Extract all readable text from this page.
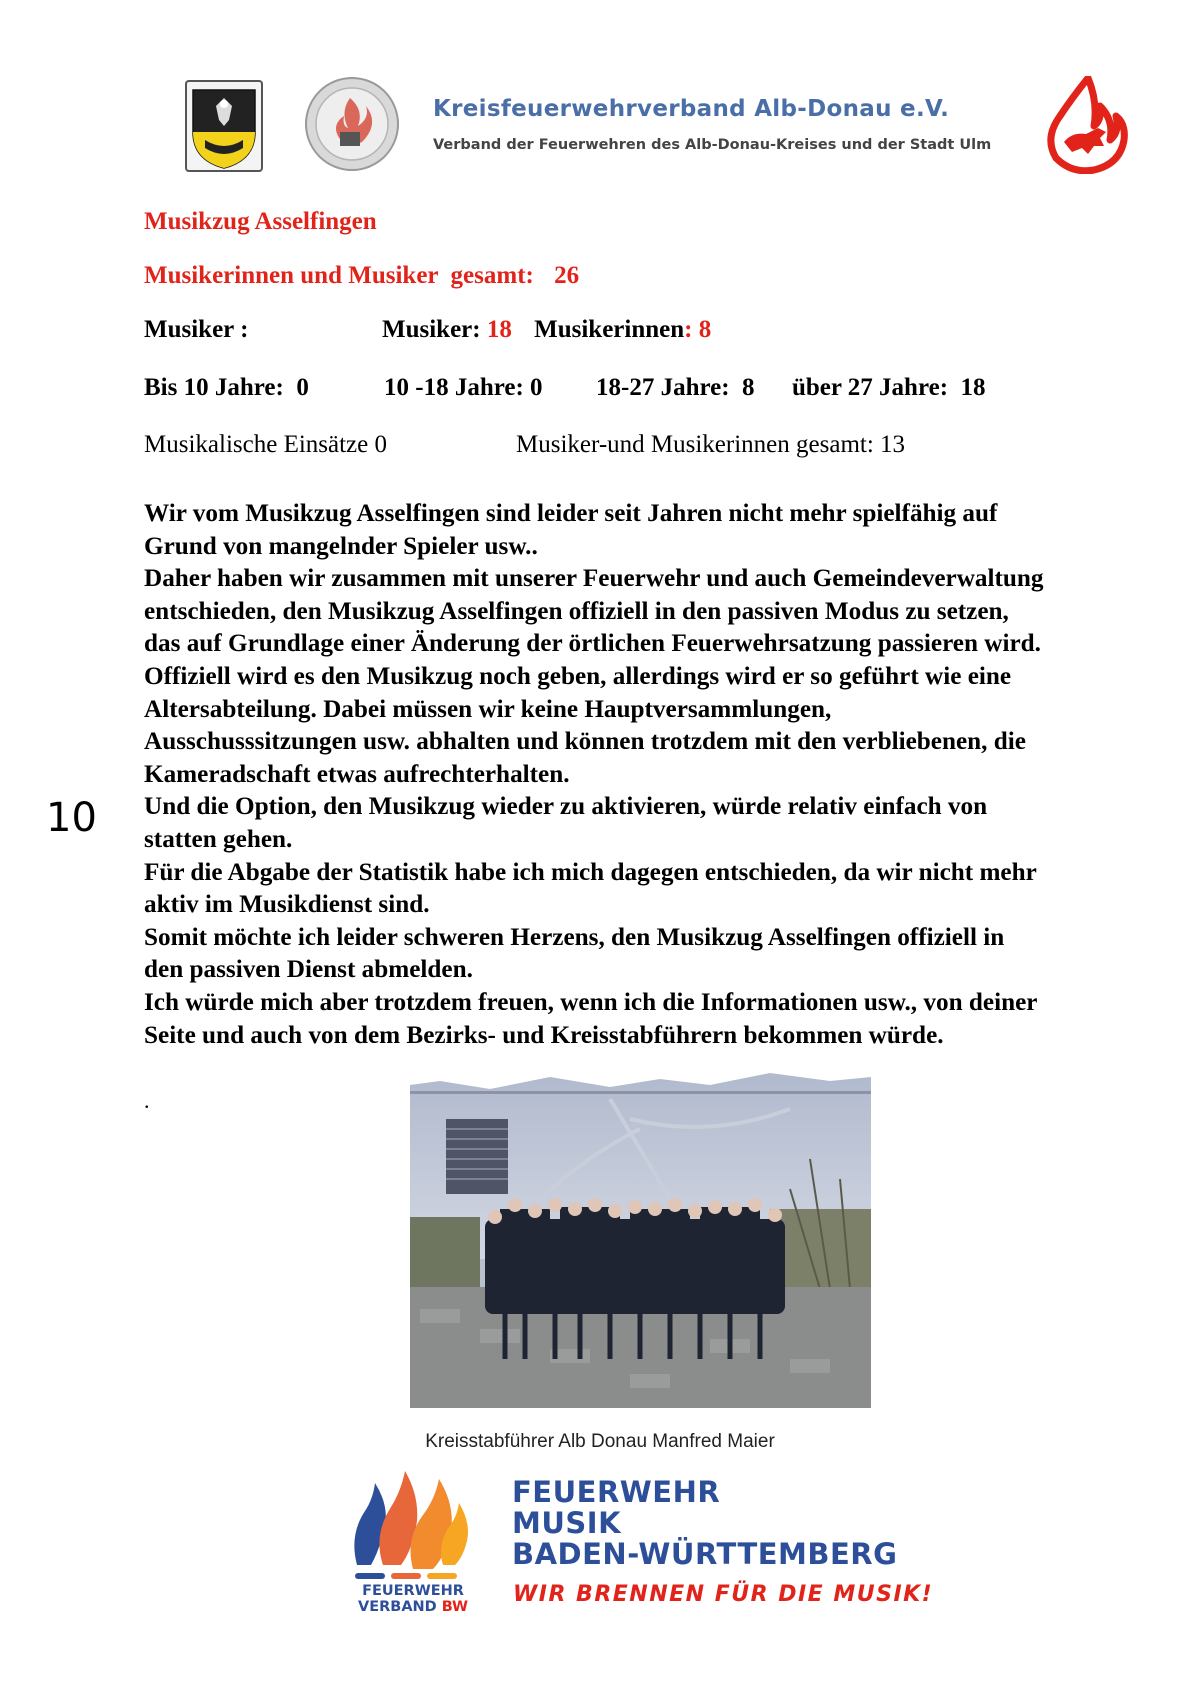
Kreisfeuerwehrverband Alb-Donau e.V.
Verband der Feuerwehren des Alb-Donau-Kreises und der Stadt Ulm
Musikzug Asselfingen
Musikerinnen und Musiker  gesamt: 26
Musiker :	Musiker: 18 Musikerinnen: 8
Bis 10 Jahre:  0	10 -18 Jahre: 0 18-27 Jahre:  8 über 27 Jahre:  18
Musikalische Einsätze 0	Musiker-und Musikerinnen gesamt: 13
10

Wir vom Musikzug Asselfingen sind leider seit Jahren nicht mehr spielfähig auf

Grund von mangelnder Spieler usw..

Daher haben wir zusammen mit unserer Feuerwehr und auch Gemeindeverwaltung

entschieden, den Musikzug Asselfingen offiziell in den passiven Modus zu setzen,

das auf Grundlage einer Änderung der örtlichen Feuerwehrsatzung passieren wird.

Offiziell wird es den Musikzug noch geben, allerdings wird er so geführt wie eine

Altersabteilung. Dabei müssen wir keine Hauptversammlungen,

Ausschusssitzungen usw. abhalten und können trotzdem mit den verbliebenen, die

Kameradschaft etwas aufrechterhalten.

Und die Option, den Musikzug wieder zu aktivieren, würde relativ einfach von

statten gehen.

Für die Abgabe der Statistik habe ich mich dagegen entschieden, da wir nicht mehr

aktiv im Musikdienst sind.

Somit möchte ich leider schweren Herzens, den Musikzug Asselfingen offiziell in

den passiven Dienst abmelden.

Ich würde mich aber trotzdem freuen, wenn ich die Informationen usw., von deiner

Seite und auch von dem Bezirks- und Kreisstabführern bekommen würde.

.
Kreisstabführer Alb Donau Manfred Maier
FEUERWEHR
VERBAND BW
FEUERWEHR
MUSIK
BADEN-WÜRTTEMBERG
WIR BRENNEN FÜR DIE MUSIK!
